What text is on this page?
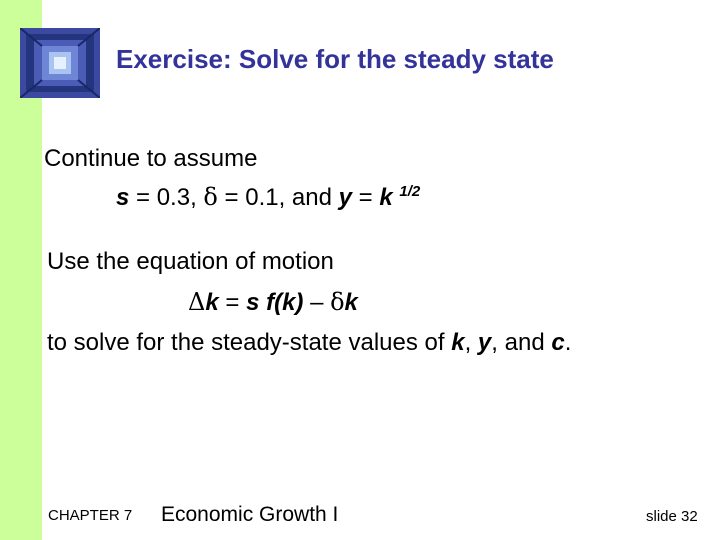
Exercise: Solve for the steady state
Continue to assume
s = 0.3, δ = 0.1, and y = k $^{1/2}$
Use the equation of motion
Δk = s f(k) – δk
to solve for the steady-state values of k, y, and c.
CHAPTER 7 Economic Growth I	slide 32
